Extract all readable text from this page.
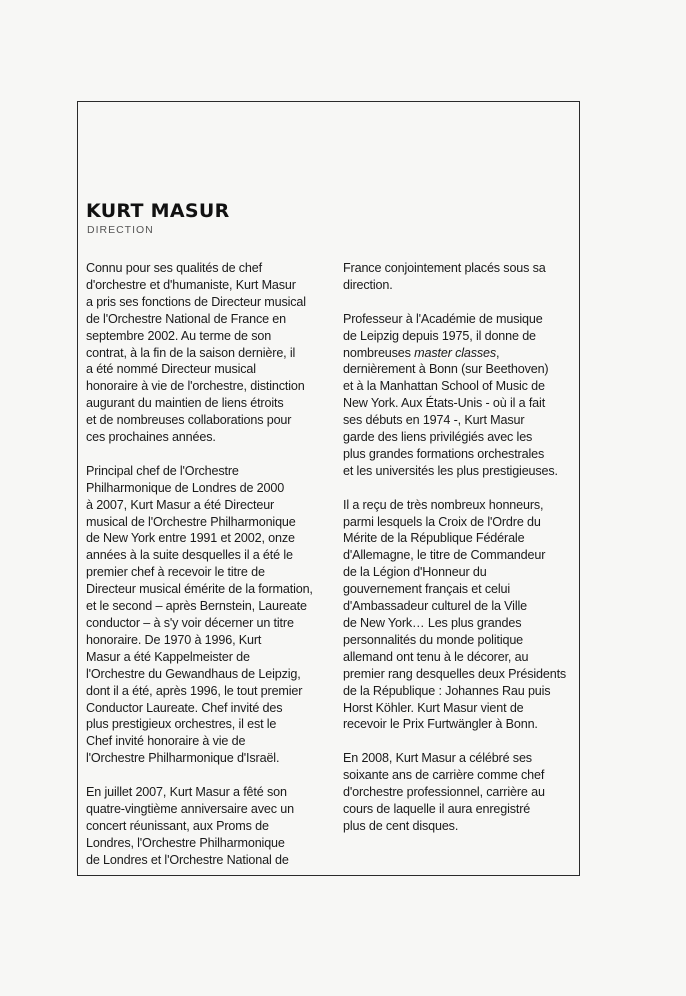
KURT MASUR
DIRECTION

Connu pour ses qualités de chef
d'orchestre et d'humaniste, Kurt Masur
a pris ses fonctions de Directeur musical
de l'Orchestre National de France en
septembre 2002. Au terme de son
contrat, à la fin de la saison dernière, il
a été nommé Directeur musical
honoraire à vie de l'orchestre, distinction
augurant du maintien de liens étroits
et de nombreuses collaborations pour
ces prochaines années.

Principal chef de l'Orchestre
Philharmonique de Londres de 2000
à 2007, Kurt Masur a été Directeur
musical de l'Orchestre Philharmonique
de New York entre 1991 et 2002, onze
années à la suite desquelles il a été le
premier chef à recevoir le titre de
Directeur musical émérite de la formation,
et le second – après Bernstein, Laureate
conductor – à s'y voir décerner un titre
honoraire. De 1970 à 1996, Kurt
Masur a été Kappelmeister de
l'Orchestre du Gewandhaus de Leipzig,
dont il a été, après 1996, le tout premier
Conductor Laureate. Chef invité des
plus prestigieux orchestres, il est le
Chef invité honoraire à vie de
l'Orchestre Philharmonique d'Israël.

En juillet 2007, Kurt Masur a fêté son
quatre-vingtième anniversaire avec un
concert réunissant, aux Proms de
Londres, l'Orchestre Philharmonique
de Londres et l'Orchestre National de

France conjointement placés sous sa
direction.

Professeur à l'Académie de musique
de Leipzig depuis 1975, il donne de
nombreuses master classes,
dernièrement à Bonn (sur Beethoven)
et à la Manhattan School of Music de
New York. Aux États-Unis - où il a fait
ses débuts en 1974 -, Kurt Masur
garde des liens privilégiés avec les
plus grandes formations orchestrales
et les universités les plus prestigieuses.

Il a reçu de très nombreux honneurs,
parmi lesquels la Croix de l'Ordre du
Mérite de la République Fédérale
d'Allemagne, le titre de Commandeur
de la Légion d'Honneur du
gouvernement français et celui
d'Ambassadeur culturel de la Ville
de New York… Les plus grandes
personnalités du monde politique
allemand ont tenu à le décorer, au
premier rang desquelles deux Présidents
de la République : Johannes Rau puis
Horst Köhler. Kurt Masur vient de
recevoir le Prix Furtwängler à Bonn.

En 2008, Kurt Masur a célébré ses
soixante ans de carrière comme chef
d'orchestre professionnel, carrière au
cours de laquelle il aura enregistré
plus de cent disques.
